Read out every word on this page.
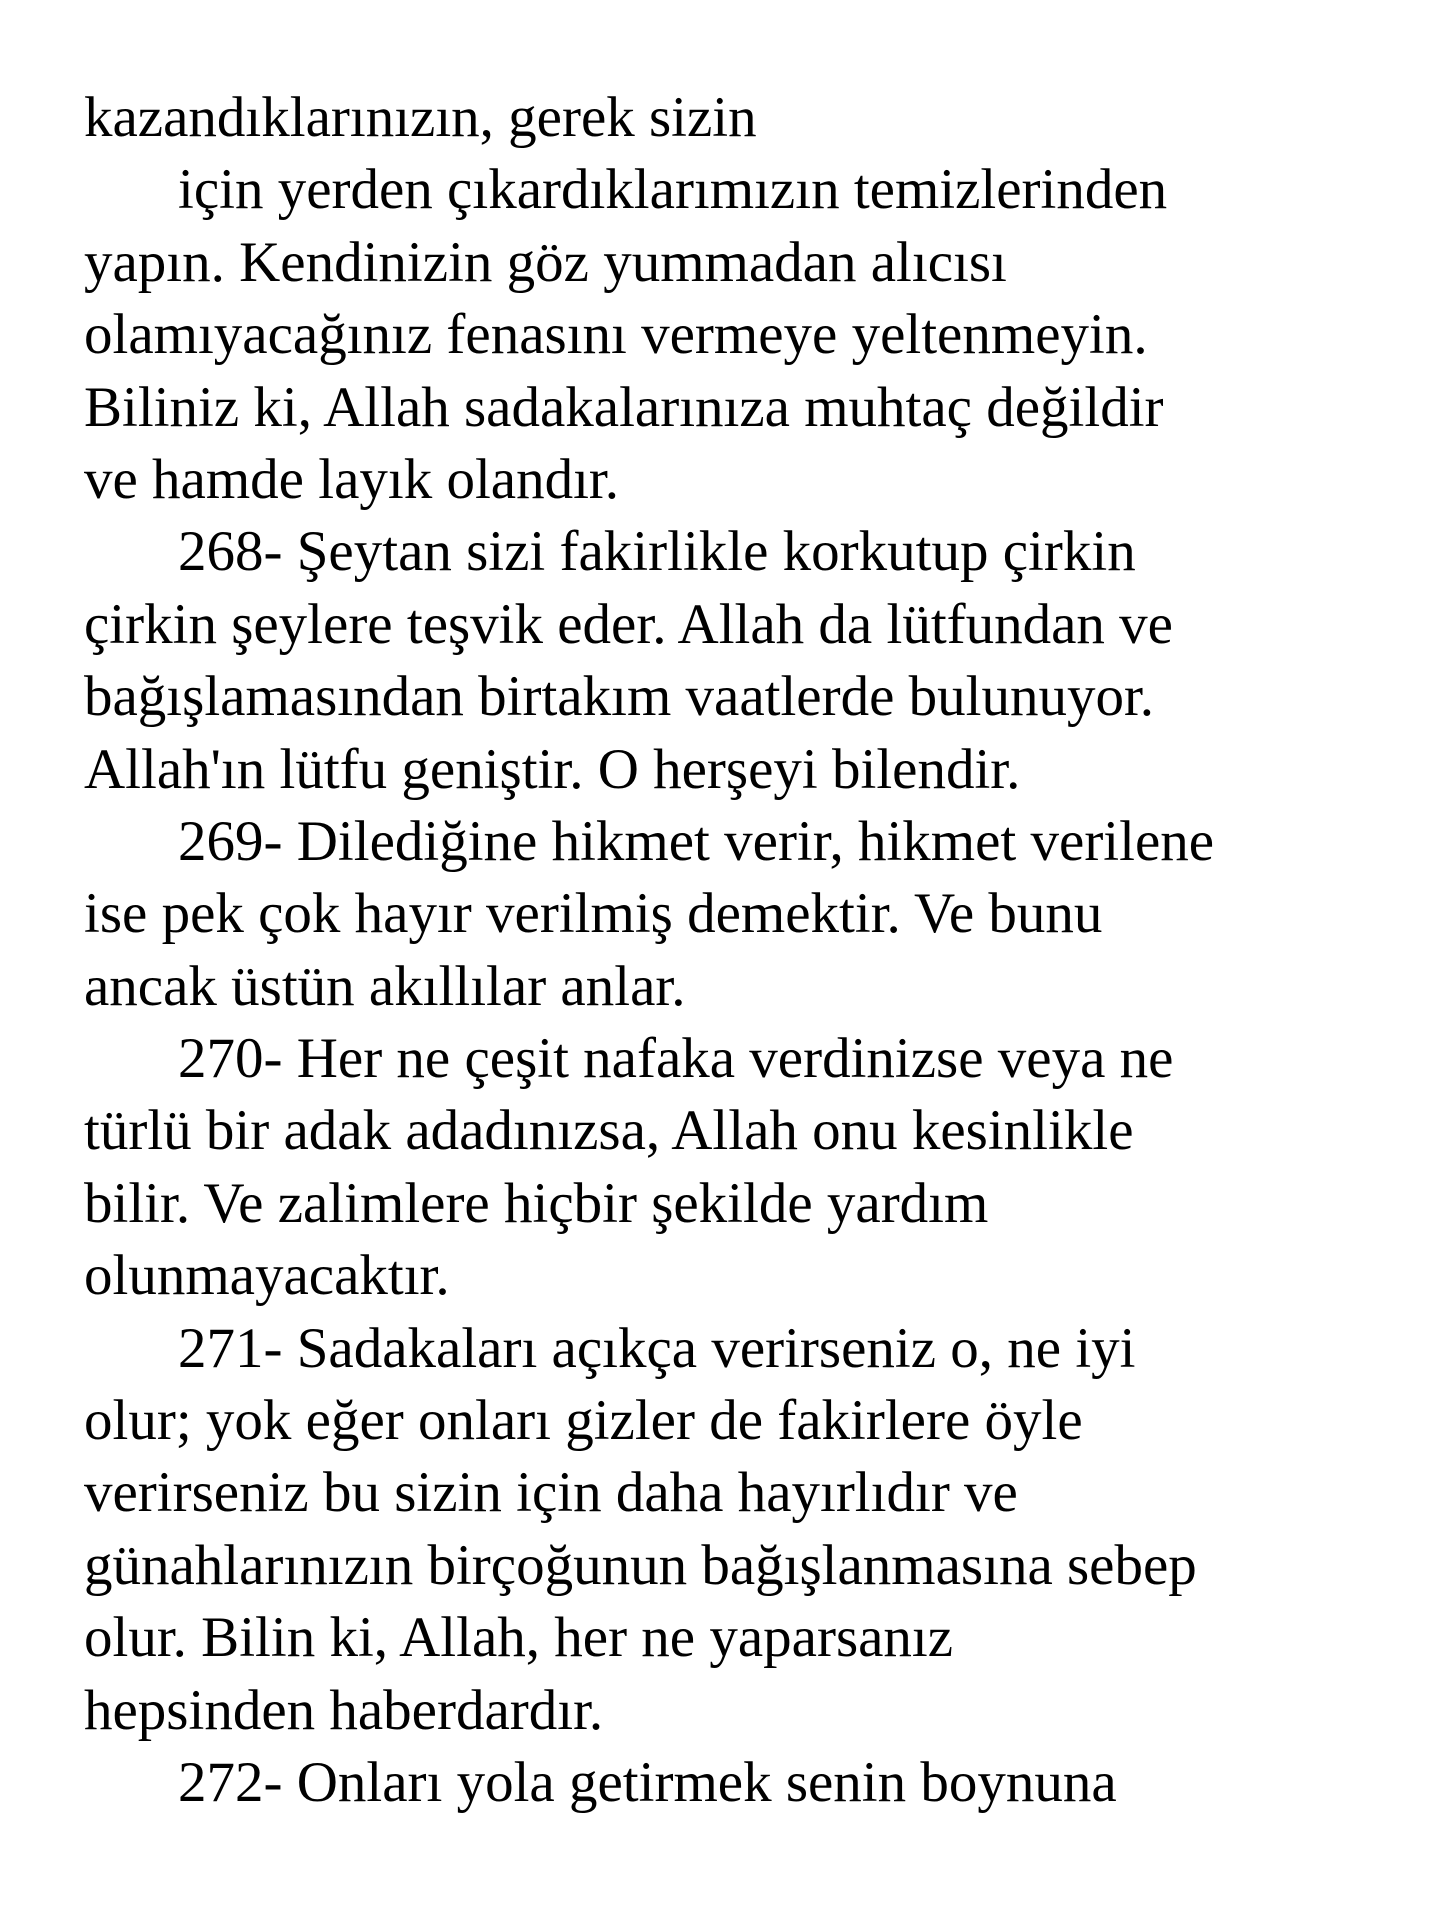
kazandıklarınızın, gerek sizin
için yerden çıkardıklarımızın temizlerinden
yapın. Kendinizin göz yummadan alıcısı
olamıyacağınız fenasını vermeye yeltenmeyin.
Biliniz ki, Allah sadakalarınıza muhtaç değildir
ve hamde layık olandır.
268- Şeytan sizi fakirlikle korkutup çirkin
çirkin şeylere teşvik eder. Allah da lütfundan ve
bağışlamasından birtakım vaatlerde bulunuyor.
Allah'ın lütfu geniştir. O herşeyi bilendir.
269- Dilediğine hikmet verir, hikmet verilene
ise pek çok hayır verilmiş demektir. Ve bunu
ancak üstün akıllılar anlar.
270- Her ne çeşit nafaka verdinizse veya ne
türlü bir adak adadınızsa, Allah onu kesinlikle
bilir. Ve zalimlere hiçbir şekilde yardım
olunmayacaktır.
271- Sadakaları açıkça verirseniz o, ne iyi
olur; yok eğer onları gizler de fakirlere öyle
verirseniz bu sizin için daha hayırlıdır ve
günahlarınızın birçoğunun bağışlanmasına sebep
olur. Bilin ki, Allah, her ne yaparsanız
hepsinden haberdardır.
272- Onları yola getirmek senin boynuna
